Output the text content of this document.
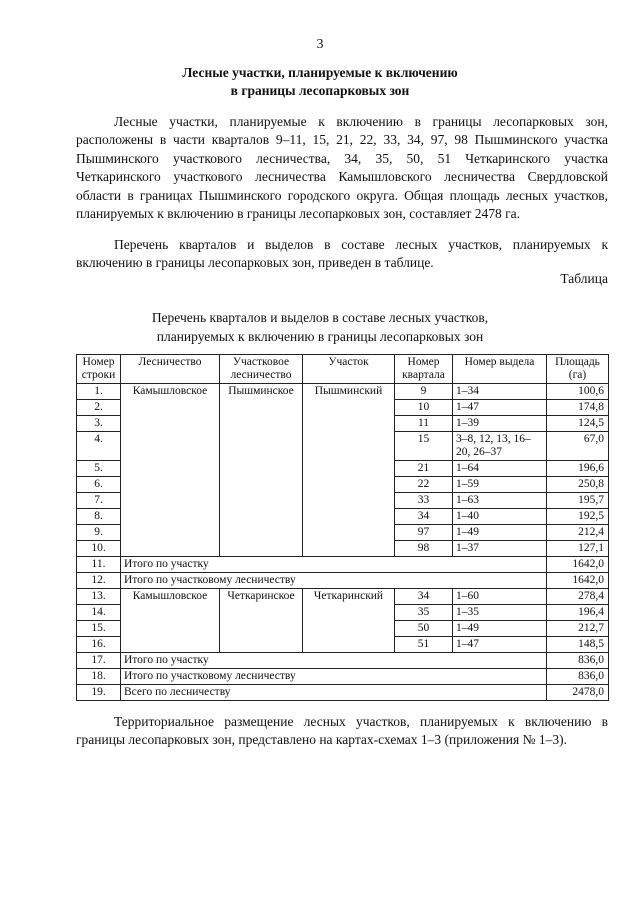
3
Лесные участки, планируемые к включению
в границы лесопарковых зон

Лесные участки, планируемые к включению в границы лесопарковых зон, расположены в части кварталов 9–11, 15, 21, 22, 33, 34, 97, 98 Пышминского участка Пышминского участкового лесничества, 34, 35, 50, 51 Четкаринского участка Четкаринского участкового лесничества Камышловского лесничества Свердловской области в границах Пышминского городского округа. Общая площадь лесных участков, планируемых к включению в границы лесопарковых зон, составляет 2478 га.

Перечень кварталов и выделов в составе лесных участков, планируемых к включению в границы лесопарковых зон, приведен в таблице.

Таблица
Перечень кварталов и выделов в составе лесных участков,
планируемых к включению в границы лесопарковых зон
Номер строки	Лесничество	Участковое лесничество	Участок	Номер квартала	Номер выдела	Площадь (га)
1.	Камышловское	Пышминское	Пышминский	9	1–34	100,6
2.				10	1–47	174,8
3.				11	1–39	124,5
4.				15	3–8, 12, 13, 16–20, 26–37	67,0
5.				21	1–64	196,6
6.				22	1–59	250,8
7.				33	1–63	195,7
8.				34	1–40	192,5
9.				97	1–49	212,4
10.				98	1–37	127,1
11.	Итого по участку					1642,0
12.	Итого по участковому лесничеству					1642,0
13.	Камышловское	Четкаринское	Четкаринский	34	1–60	278,4
14.				35	1–35	196,4
15.				50	1–49	212,7
16.				51	1–47	148,5
17.	Итого по участку					836,0
18.	Итого по участковому лесничеству					836,0
19.	Всего по лесничеству					2478,0

Территориальное размещение лесных участков, планируемых к включению в границы лесопарковых зон, представлено на картах-схемах 1–3 (приложения № 1–3).
